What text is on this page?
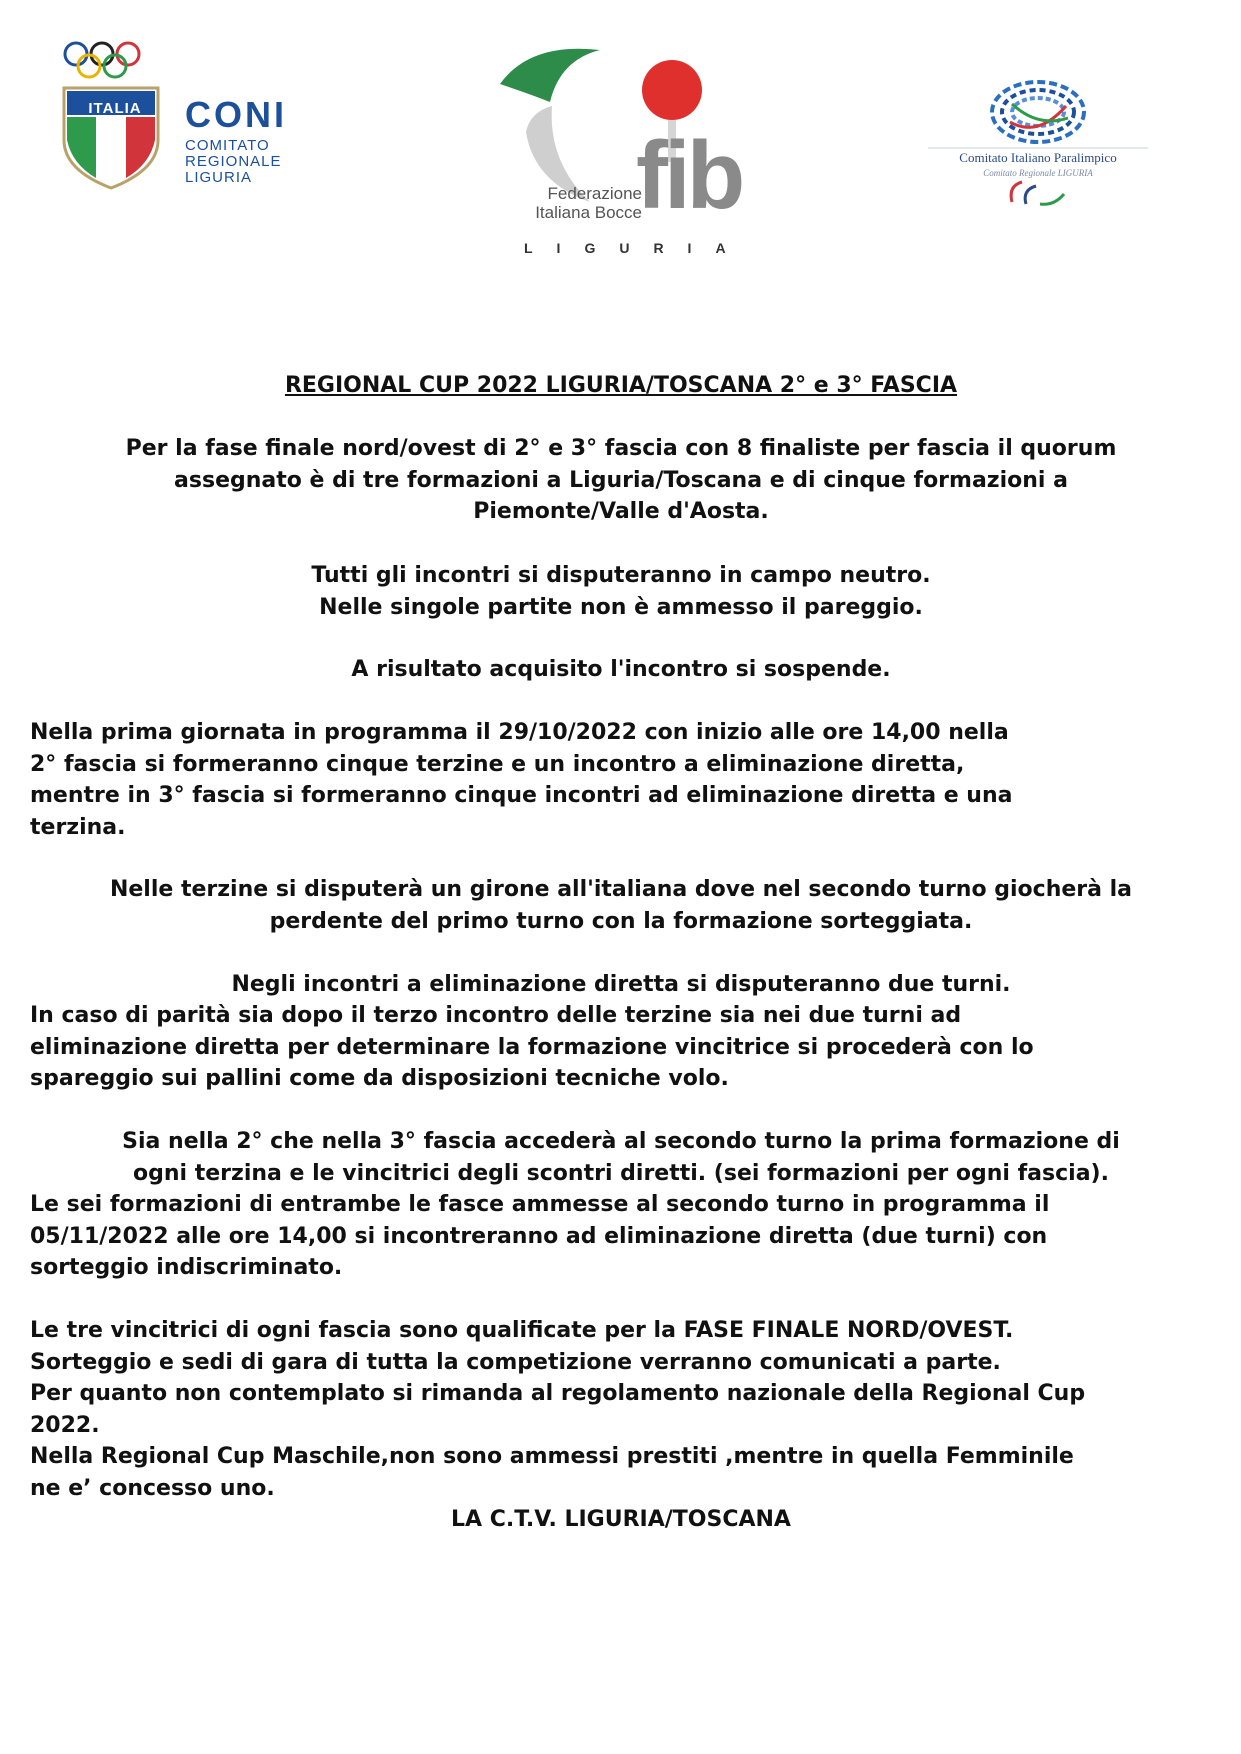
ITALIA	CONI
COMITATO
REGIONALE
LIGURIA
Federazione
Italiana Bocce
fib
LIGURIA
Comitato Italiano Paralimpico
Comitato Regionale LIGURIA

REGIONAL CUP 2022 LIGURIA/TOSCANA 2° e 3° FASCIA

Per la fase finale nord/ovest di 2° e 3° fascia con 8 finaliste per fascia il quorum
assegnato è di tre formazioni a Liguria/Toscana e di cinque formazioni a
Piemonte/Valle d'Aosta.
Tutti gli incontri si disputeranno in campo neutro.
Nelle singole partite non è ammesso il pareggio.
A risultato acquisito l'incontro si sospende.
Nella prima giornata in programma il 29/10/2022 con inizio alle ore 14,00 nella
2° fascia si formeranno cinque terzine e un incontro a eliminazione diretta,
mentre in 3° fascia si formeranno cinque incontri ad eliminazione diretta e una
terzina.
Nelle terzine si disputerà un girone all'italiana dove nel secondo turno giocherà la
perdente del primo turno con la formazione sorteggiata.
Negli incontri a eliminazione diretta si disputeranno due turni.
In caso di parità sia dopo il terzo incontro delle terzine sia nei due turni ad
eliminazione diretta per determinare la formazione vincitrice si procederà con lo
spareggio sui pallini come da disposizioni tecniche volo.
Sia nella 2° che nella 3° fascia accederà al secondo turno la prima formazione di
ogni terzina e le vincitrici degli scontri diretti. (sei formazioni per ogni fascia).
Le sei formazioni di entrambe le fasce ammesse al secondo turno in programma il
05/11/2022 alle ore 14,00 si incontreranno ad eliminazione diretta (due turni) con
sorteggio indiscriminato.
Le tre vincitrici di ogni fascia sono qualificate per la FASE FINALE NORD/OVEST.
Sorteggio e sedi di gara di tutta la competizione verranno comunicati a parte.
Per quanto non contemplato si rimanda al regolamento nazionale della Regional Cup
2022.
Nella Regional Cup Maschile,non sono ammessi prestiti ,mentre in quella Femminile
ne e’ concesso uno.

LA C.T.V. LIGURIA/TOSCANA
